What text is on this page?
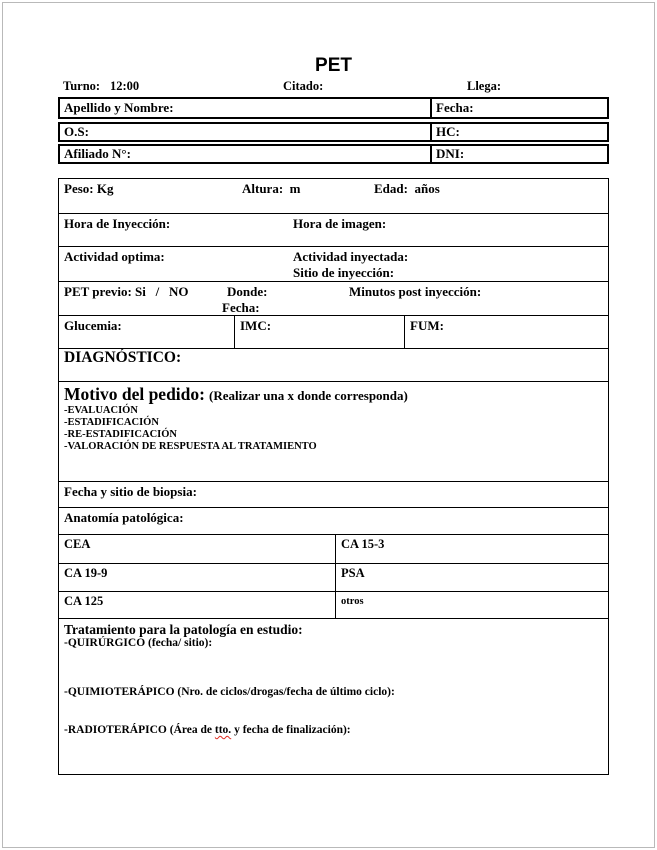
PET
Turno: 12:00	Citado:	Llega:
Apellido y Nombre:	Fecha:
O.S:	HC:
Afiliado N°:	DNI:
Peso: Kg	Altura:  m	Edad:  años
Hora de Inyección:	Hora de imagen:
Actividad optima:	Actividad inyectada:
Sitio de inyección:
PET previo: Si   /   NO	Donde:	Minutos post inyección:
Fecha:
Glucemia:	IMC:	FUM:
DIAGNÓSTICO:
Motivo del pedido: (Realizar una x donde corresponda)
-EVALUACIÓN
-ESTADIFICACIÓN
-RE-ESTADIFICACIÓN
-VALORACIÓN DE RESPUESTA AL TRATAMIENTO
Fecha y sitio de biopsia:
Anatomía patológica:
CEA	CA 15-3
CA 19-9	PSA
CA 125	otros
Tratamiento para la patología en estudio:
-QUIRÚRGICO (fecha/ sitio):
-QUIMIOTERÁPICO (Nro. de ciclos/drogas/fecha de último ciclo):
-RADIOTERÁPICO (Área de tto. y fecha de finalización):
